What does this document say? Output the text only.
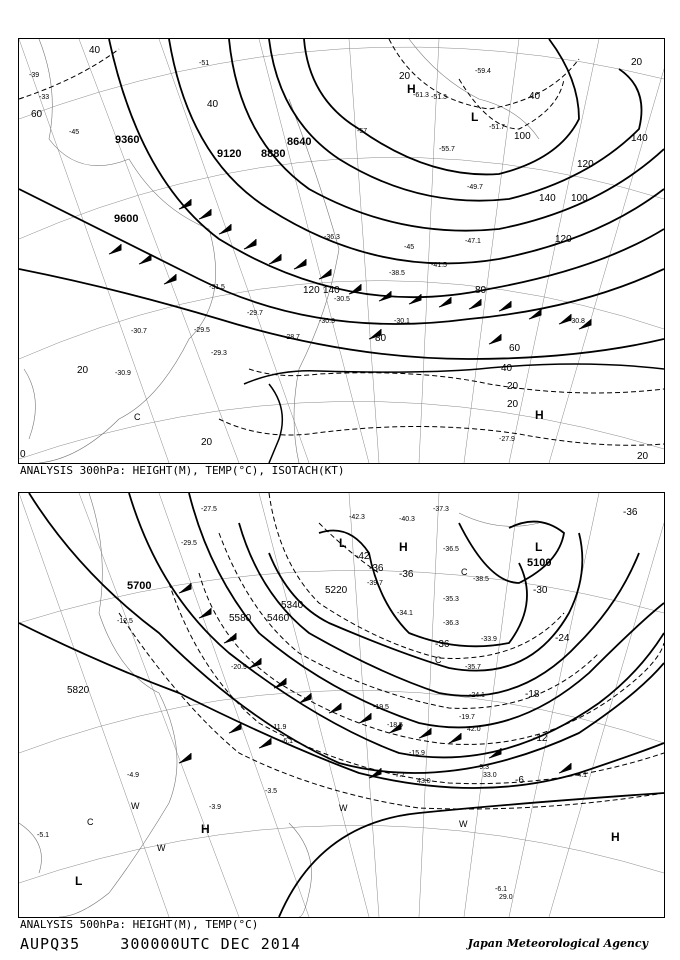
9360
9120 8880
8640
9600
40
40
20
40
60
140
140
120
100
120
100
80
60
40
20
120 140	80
20
20
20
20
20
0
-39
-45
-51
-33
-57
-55.7
-51.3
-51.7
-49.7
-47.1
-45
-41.5
-38.5
-36.3
-31.5
-30.5
-30.1
-29.7
-29.5
-29.3
-28.7
-30.7
-30.3
-30.9
-30.8
-27.9
-61.3
-59.4
H
L
H
C
ANALYSIS 300hPa: HEIGHT(M), TEMP(°C), ISOTACH(KT)
5700
5820
5580 5460
5340
5220
5100
-36
-36
-42
-36
-30
-24
-18
-12
-6
-36
-37.3
-40.3
-42.3
-35.3
-39.7
-36.5
-38.5
-34.1
-36.3
-33.9
-35.7
-24.1
-19.7
-15.9
-9.3
-7.7	-4.1
-3.5
-6.1
-3.9
-4.9
-5.1
-20.9
-19.5
-18.5
-11.9
-6.1
-12.5
-29.5
-27.5
42.0
43.0
33.0
29.0
L	H	L
C
C
W	W
W
H
H
L
C
W
ANALYSIS 500hPa: HEIGHT(M), TEMP(°C)
AUPQ35    300000UTC DEC 2014	Japan Meteorological Agency
